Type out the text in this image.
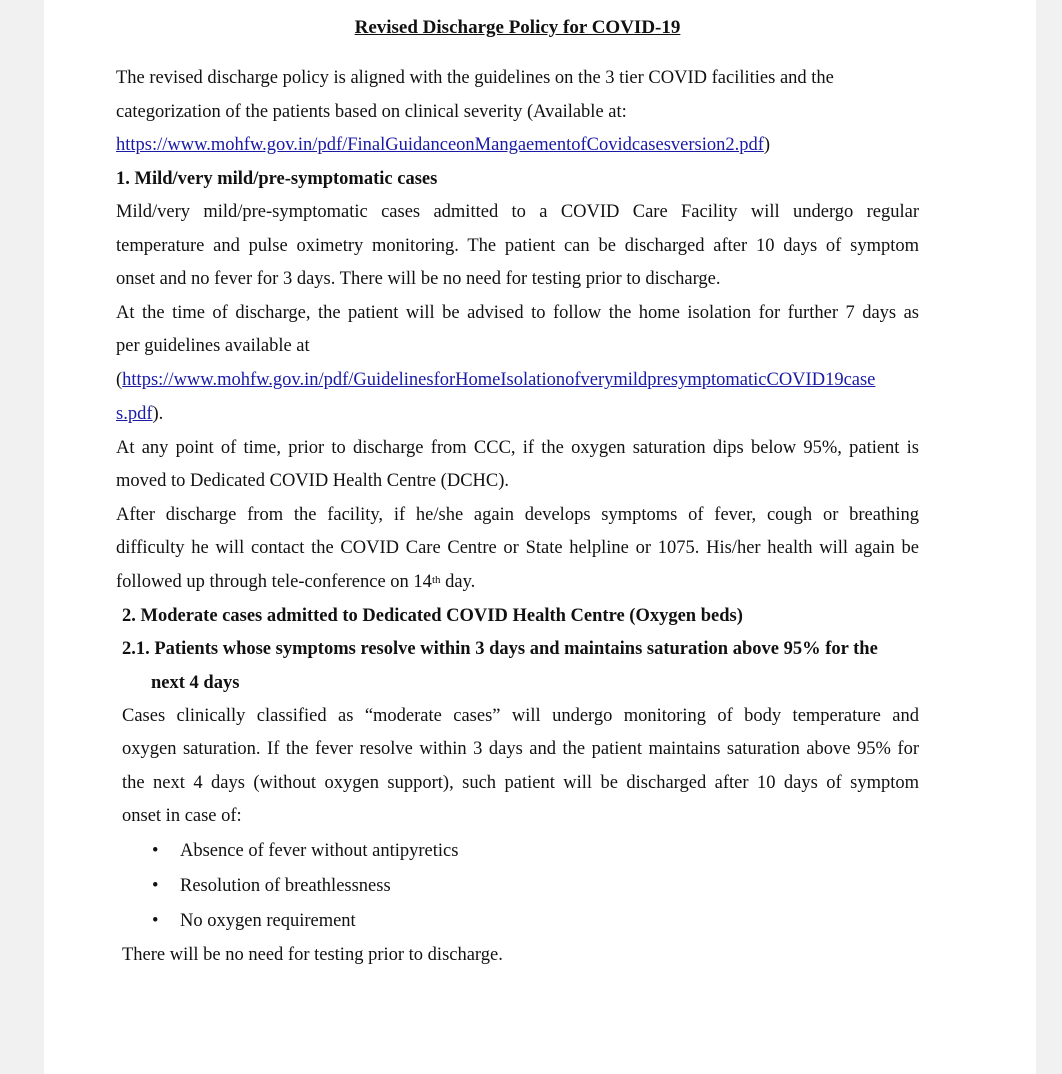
Revised Discharge Policy for COVID-19
The revised discharge policy is aligned with the guidelines on the 3 tier COVID facilities and the
categorization of the patients based on clinical severity (Available at:
https://www.mohfw.gov.in/pdf/FinalGuidanceonMangaementofCovidcasesversion2.pdf)
1. Mild/very mild/pre-symptomatic cases
Mild/very mild/pre-symptomatic cases admitted to a COVID Care Facility will undergo regular
temperature and pulse oximetry monitoring. The patient can be discharged after 10 days of symptom
onset and no fever for 3 days. There will be no need for testing prior to discharge.
At the time of discharge, the patient will be advised to follow the home isolation for further 7 days as
per guidelines available at
(https://www.mohfw.gov.in/pdf/GuidelinesforHomeIsolationofverymildpresymptomaticCOVID19case
s.pdf).
At any point of time, prior to discharge from CCC, if the oxygen saturation dips below 95%, patient is
moved to Dedicated COVID Health Centre (DCHC).
After discharge from the facility, if he/she again develops symptoms of fever, cough or breathing
difficulty he will contact the COVID Care Centre or State helpline or 1075. His/her health will again be
followed up through tele-conference on 14th day.
2. Moderate cases admitted to Dedicated COVID Health Centre (Oxygen beds)
2.1. Patients whose symptoms resolve within 3 days and maintains saturation above 95% for the
next 4 days
Cases clinically classified as “moderate cases” will undergo monitoring of body temperature and
oxygen saturation. If the fever resolve within 3 days and the patient maintains saturation above 95% for
the next 4 days (without oxygen support), such patient will be discharged after 10 days of symptom
onset in case of:
• Absence of fever without antipyretics
• Resolution of breathlessness
• No oxygen requirement
There will be no need for testing prior to discharge.
